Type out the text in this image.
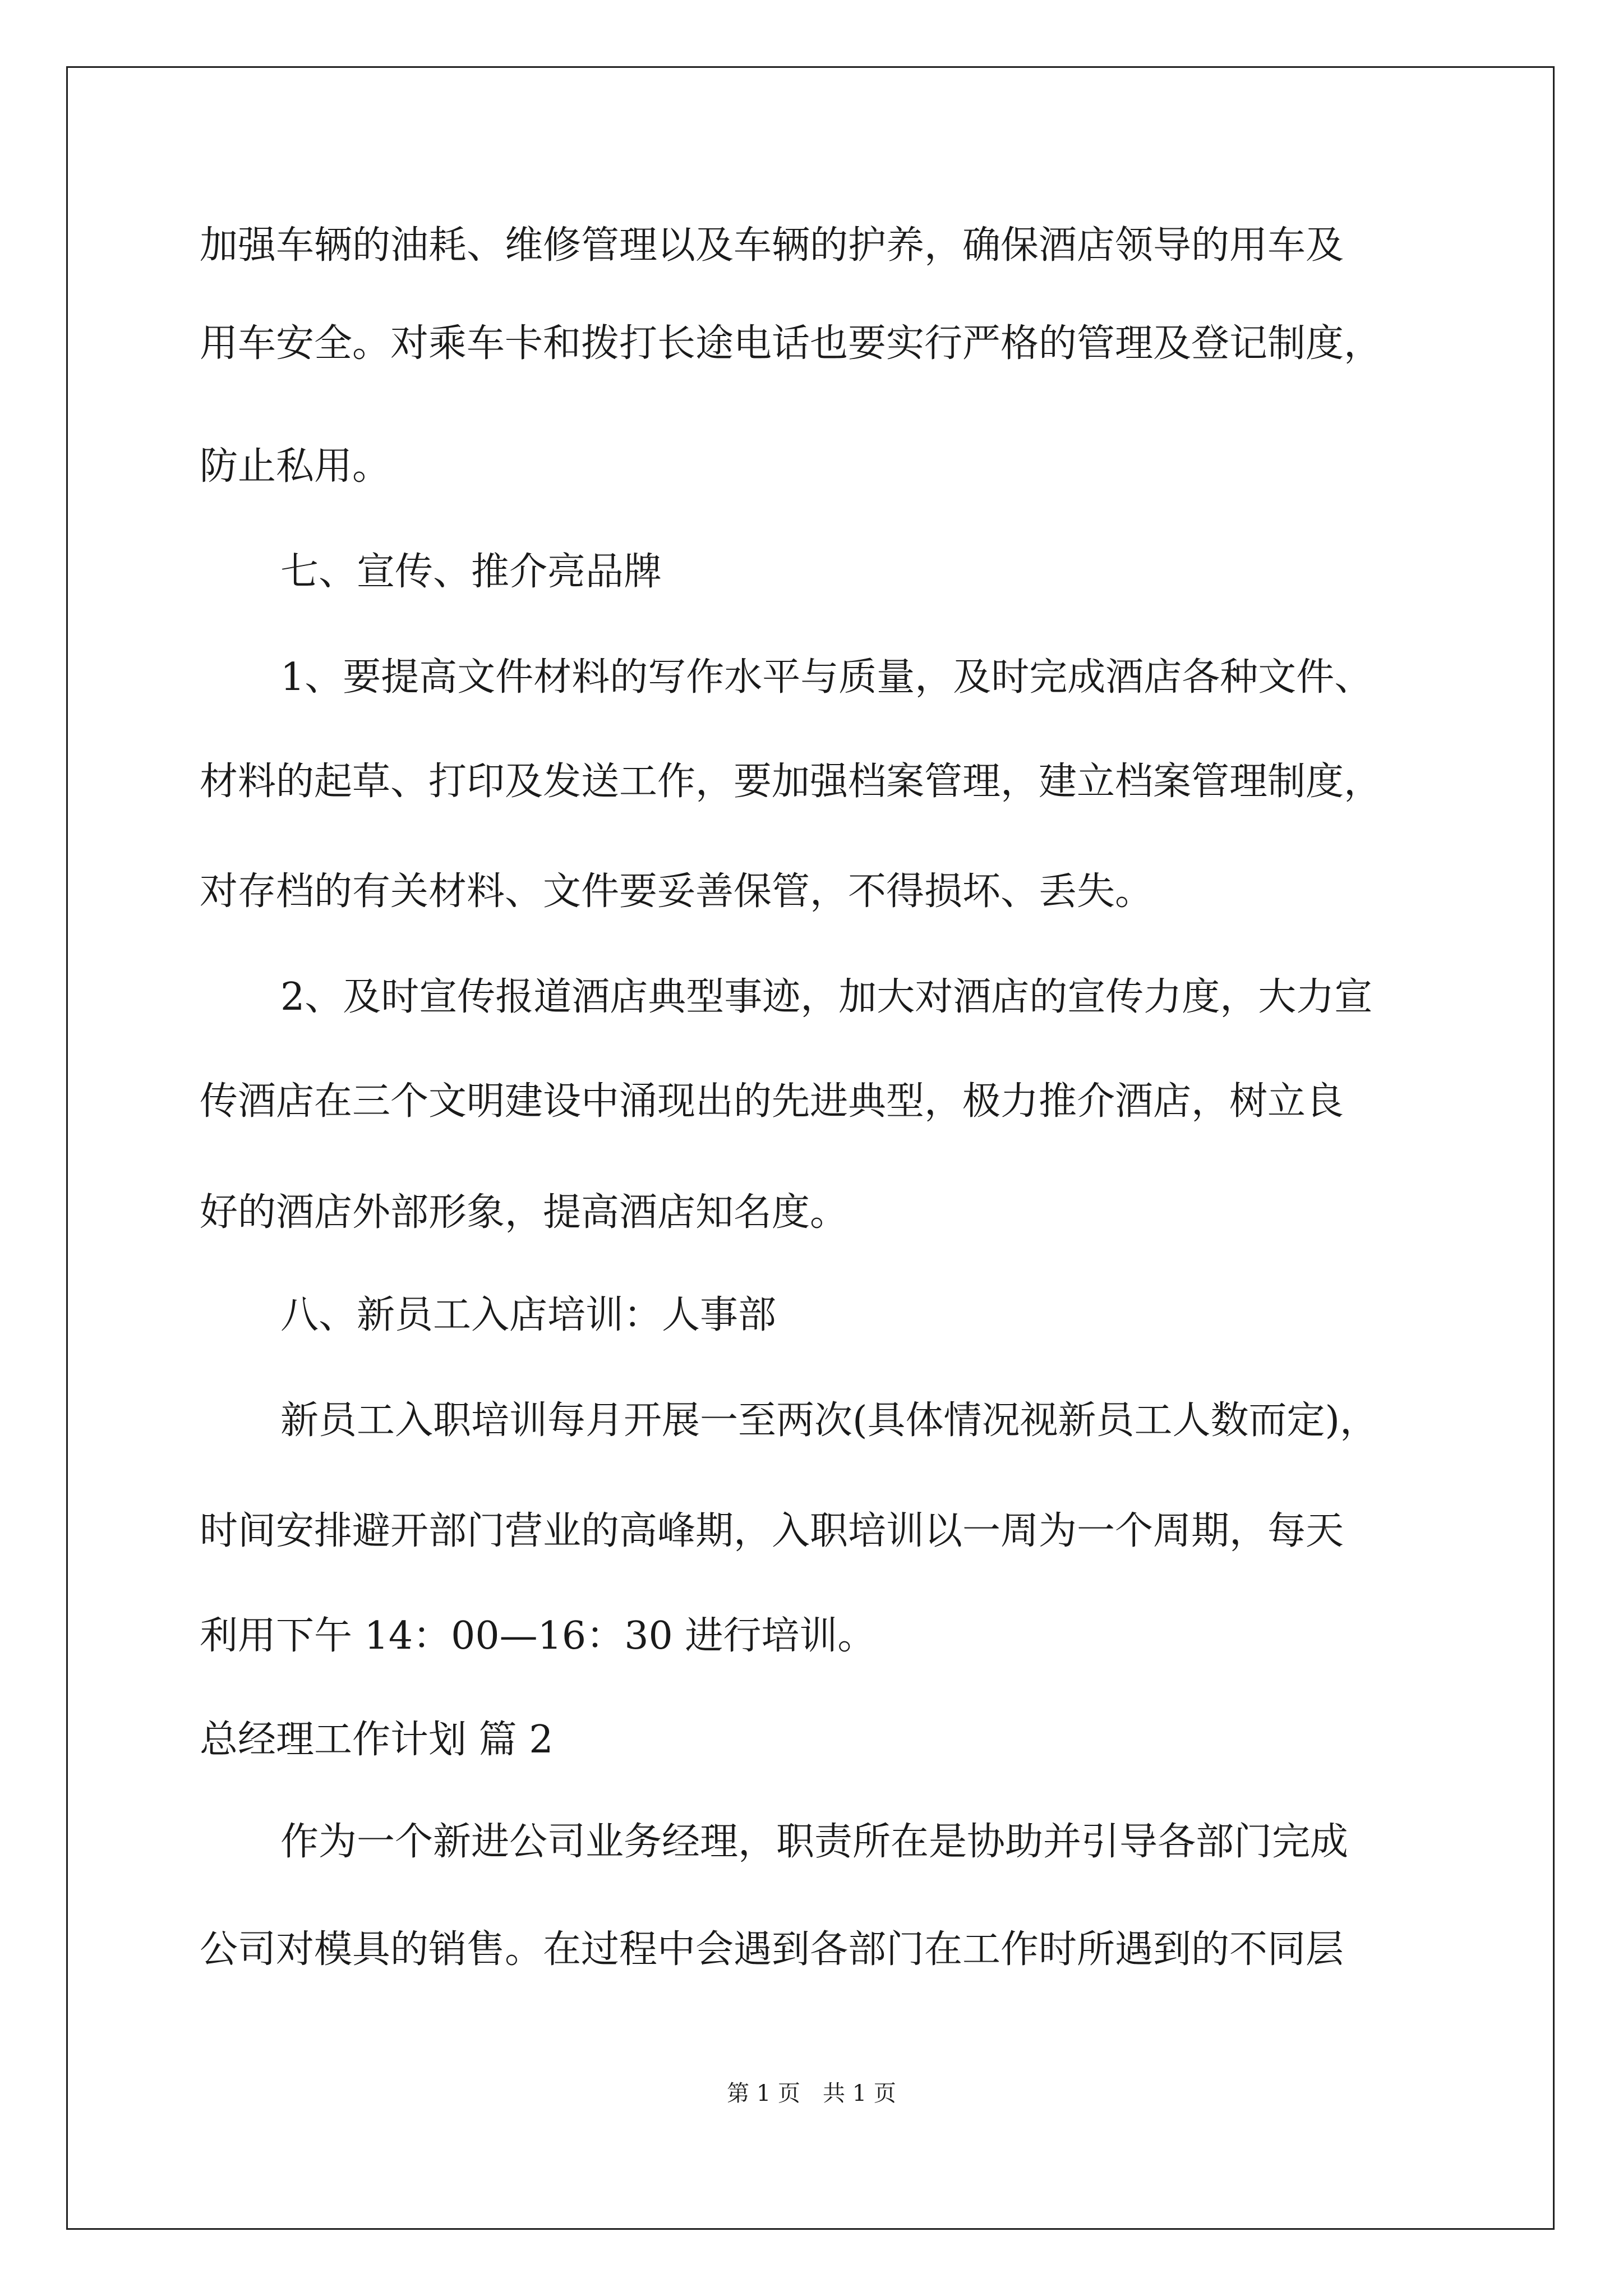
加强车辆的油耗、维修管理以及车辆的护养，确保酒店领导的用车及
用车安全。对乘车卡和拨打长途电话也要实行严格的管理及登记制度，
防止私用。
七、宣传、推介亮品牌
1、要提高文件材料的写作水平与质量，及时完成酒店各种文件、
材料的起草、打印及发送工作，要加强档案管理，建立档案管理制度，
对存档的有关材料、文件要妥善保管，不得损坏、丢失。
2、及时宣传报道酒店典型事迹，加大对酒店的宣传力度，大力宣
传酒店在三个文明建设中涌现出的先进典型，极力推介酒店，树立良
好的酒店外部形象，提高酒店知名度。
八、新员工入店培训：人事部
新员工入职培训每月开展一至两次(具体情况视新员工人数而定)，
时间安排避开部门营业的高峰期，入职培训以一周为一个周期，每天
利用下午 14：00—16：30 进行培训。
总经理工作计划 篇 2
作为一个新进公司业务经理，职责所在是协助并引导各部门完成
公司对模具的销售。在过程中会遇到各部门在工作时所遇到的不同层
第 1 页　共 1 页
